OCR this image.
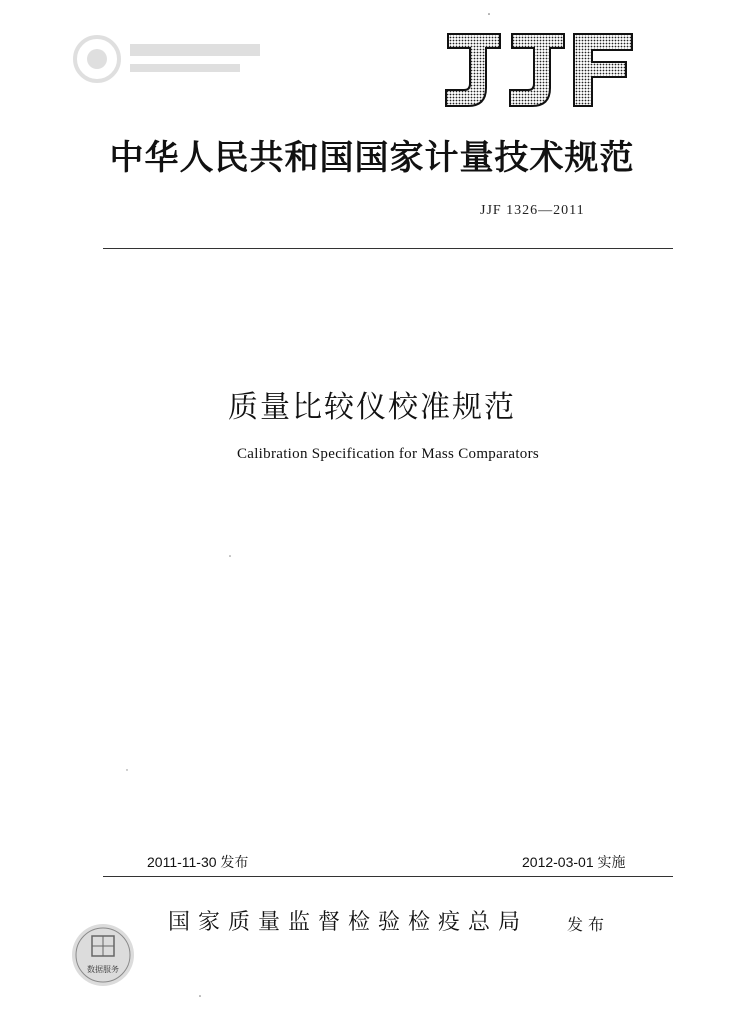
中华人民共和国国家计量技术规范
JJF 1326—2011
质量比较仪校准规范
Calibration Specification for Mass Comparators
2011-11-30 发布	2012-03-01 实施
国家质量监督检验检疫总局 发布
数据服务
